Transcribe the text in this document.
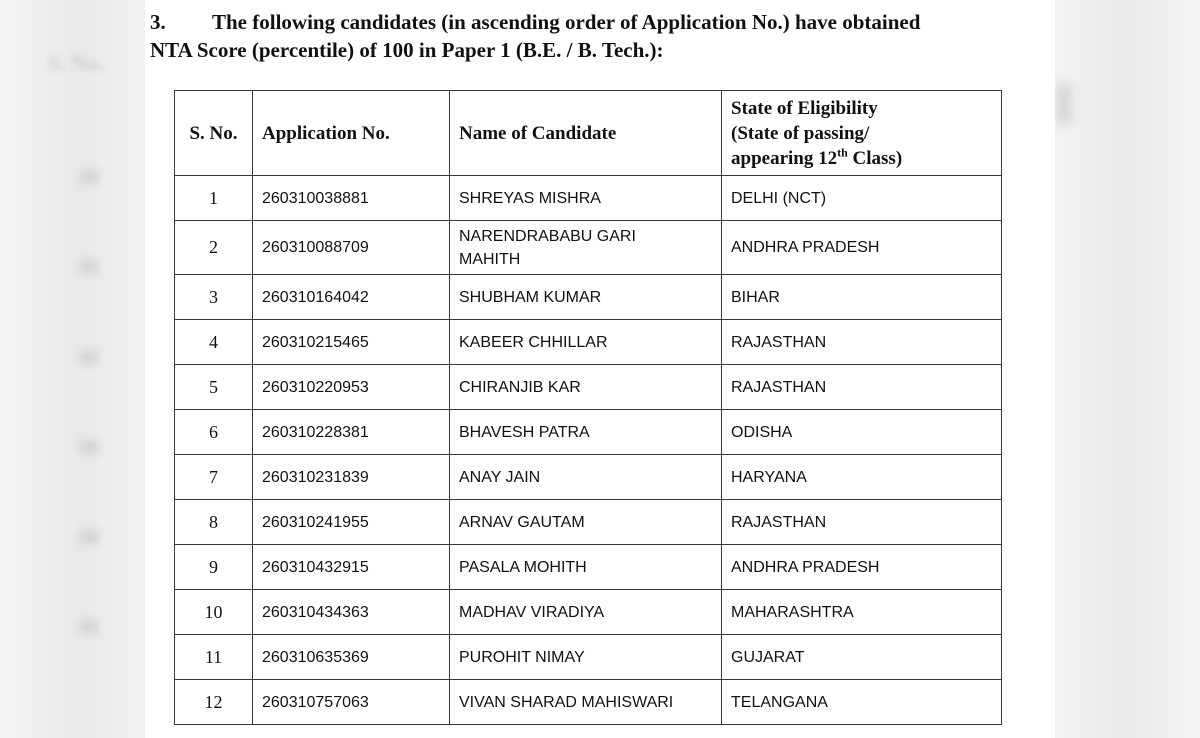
S. No.
3. The following candidates (in ascending order of Application No.) have obtained
NTA Score (percentile) of 100 in Paper 1 (B.E. / B. Tech.):
S. No.	Application No.	Name of Candidate	State of Eligibility
(State of passing/
appearing 12th Class)

1	260310038881	SHREYAS MISHRA	DELHI (NCT)
2	260310088709	NARENDRABABU GARI
MAHITH	ANDHRA PRADESH
3	260310164042	SHUBHAM KUMAR	BIHAR
4	260310215465	KABEER CHHILLAR	RAJASTHAN
5	260310220953	CHIRANJIB KAR	RAJASTHAN
6	260310228381	BHAVESH PATRA	ODISHA
7	260310231839	ANAY JAIN	HARYANA
8	260310241955	ARNAV GAUTAM	RAJASTHAN
9	260310432915	PASALA MOHITH	ANDHRA PRADESH
10	260310434363	MADHAV VIRADIYA	MAHARASHTRA
11	260310635369	PUROHIT NIMAY	GUJARAT
12	260310757063	VIVAN SHARAD MAHISWARI	TELANGANA
